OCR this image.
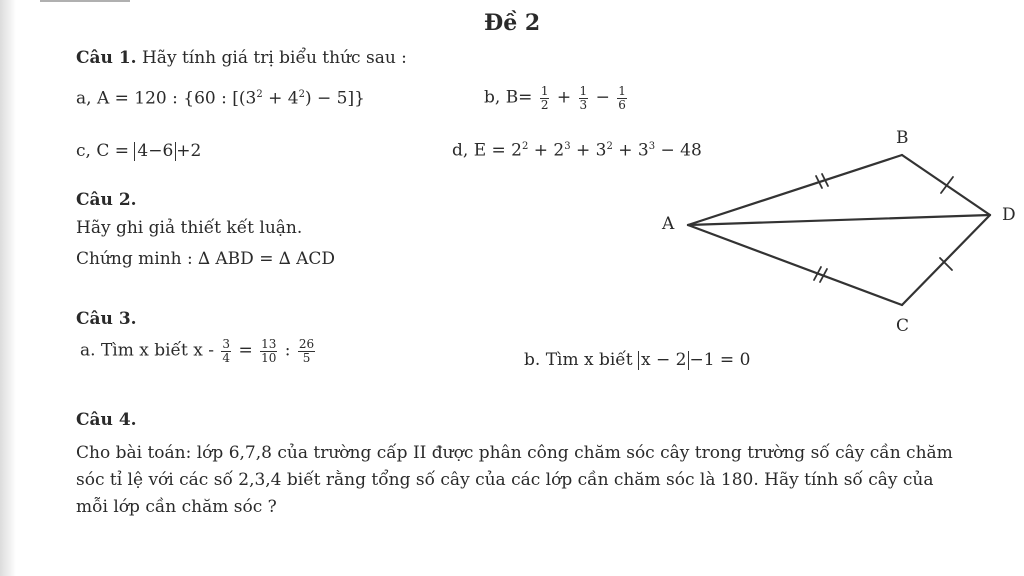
Đề 2
Câu 1. Hãy tính giá trị biểu thức sau :
a, A = 120 : {60 : $[(3^2 + 4^2) - 5]$}	b, $B= \frac{1}{2} + \frac{1}{3} - \frac{1}{6}$
c, C = 4−6 +2	d, $E = 2^2 + 2^3 + 3^2 + 3^3 - 48$
Câu 2.
Hãy ghi giả thiết kết luận.
Chứng minh : ∆ ABD = ∆ ACD
A
B
C
D
Câu 3.
a. Tìm x biết $x - \frac{3}{4} = \frac{13}{10}$ : $\frac{26}{5}$	b. Tìm x biết x − 2 −1 = 0
Câu 4.
Cho bài toán: lớp 6,7,8 của trường cấp II được phân công chăm sóc cây trong trường số cây cần chăm sóc tỉ lệ với các số 2,3,4 biết rằng tổng số cây của các lớp cần chăm sóc là 180. Hãy tính số cây của mỗi lớp cần chăm sóc ?
